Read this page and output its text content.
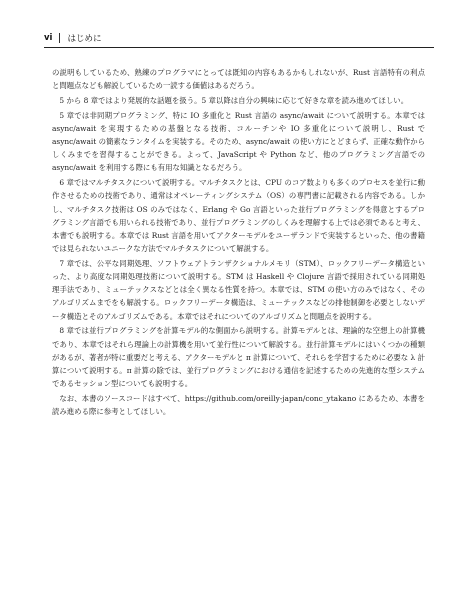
vi はじめに

の説明もしているため、熟練のプログラマにとっては既知の内容もあるかもしれないが、Rust 言語特有の利点と問題点なども解説しているため一読する価値はあるだろう。

5 から 8 章ではより発展的な話題を扱う。5 章以降は自分の興味に応じて好きな章を読み進めてほしい。

5 章では非同期プログラミング、特に IO 多重化と Rust 言語の async/await について説明する。本章では async/await を実現するための基盤となる技術、コルーチンや IO 多重化について説明し、Rust で async/await の簡素なランタイムを実装する。そのため、async/await の使い方にとどまらず、正確な動作からしくみまでを習得することができる。よって、JavaScript や Python など、他のプログラミング言語での async/await を利用する際にも有用な知識となるだろう。

6 章ではマルチタスクについて説明する。マルチタスクとは、CPU のコア数よりも多くのプロセスを並行に動作させるための技術であり、通常はオペレーティングシステム（OS）の専門書に記載される内容である。しかし、マルチタスク技術は OS のみではなく、Erlang や Go 言語といった並行プログラミングを得意とするプログラミング言語でも用いられる技術であり、並行プログラミングのしくみを理解する上では必須であると考え、本書でも説明する。本章では Rust 言語を用いてアクターモデルをユーザランドで実装するといった、他の書籍では見られないユニークな方法でマルチタスクについて解説する。

7 章では、公平な同期処理、ソフトウェアトランザクショナルメモリ（STM）、ロックフリーデータ構造といった、より高度な同期処理技術について説明する。STM は Haskell や Clojure 言語で採用されている同期処理手法であり、ミューテックスなどとは全く異なる性質を持つ。本章では、STM の使い方のみではなく、そのアルゴリズムまでをも解説する。ロックフリーデータ構造は、ミューテックスなどの排他制御を必要としないデータ構造とそのアルゴリズムである。本章ではそれについてのアルゴリズムと問題点を説明する。

8 章では並行プログラミングを計算モデル的な側面から説明する。計算モデルとは、理論的な空想上の計算機であり、本章ではそれら理論上の計算機を用いて並行性について解説する。並行計算モデルにはいくつかの種類があるが、著者が特に重要だと考える、アクターモデルと π 計算について、それらを学習するために必要な λ 計算について説明する。π 計算の除では、並行プログラミングにおける通信を記述するための先進的な型システムであるセッション型についても説明する。

なお、本書のソースコードはすべて、https://github.com/oreilly-japan/conc_ytakano にあるため、本書を読み進める際に参考としてほしい。
